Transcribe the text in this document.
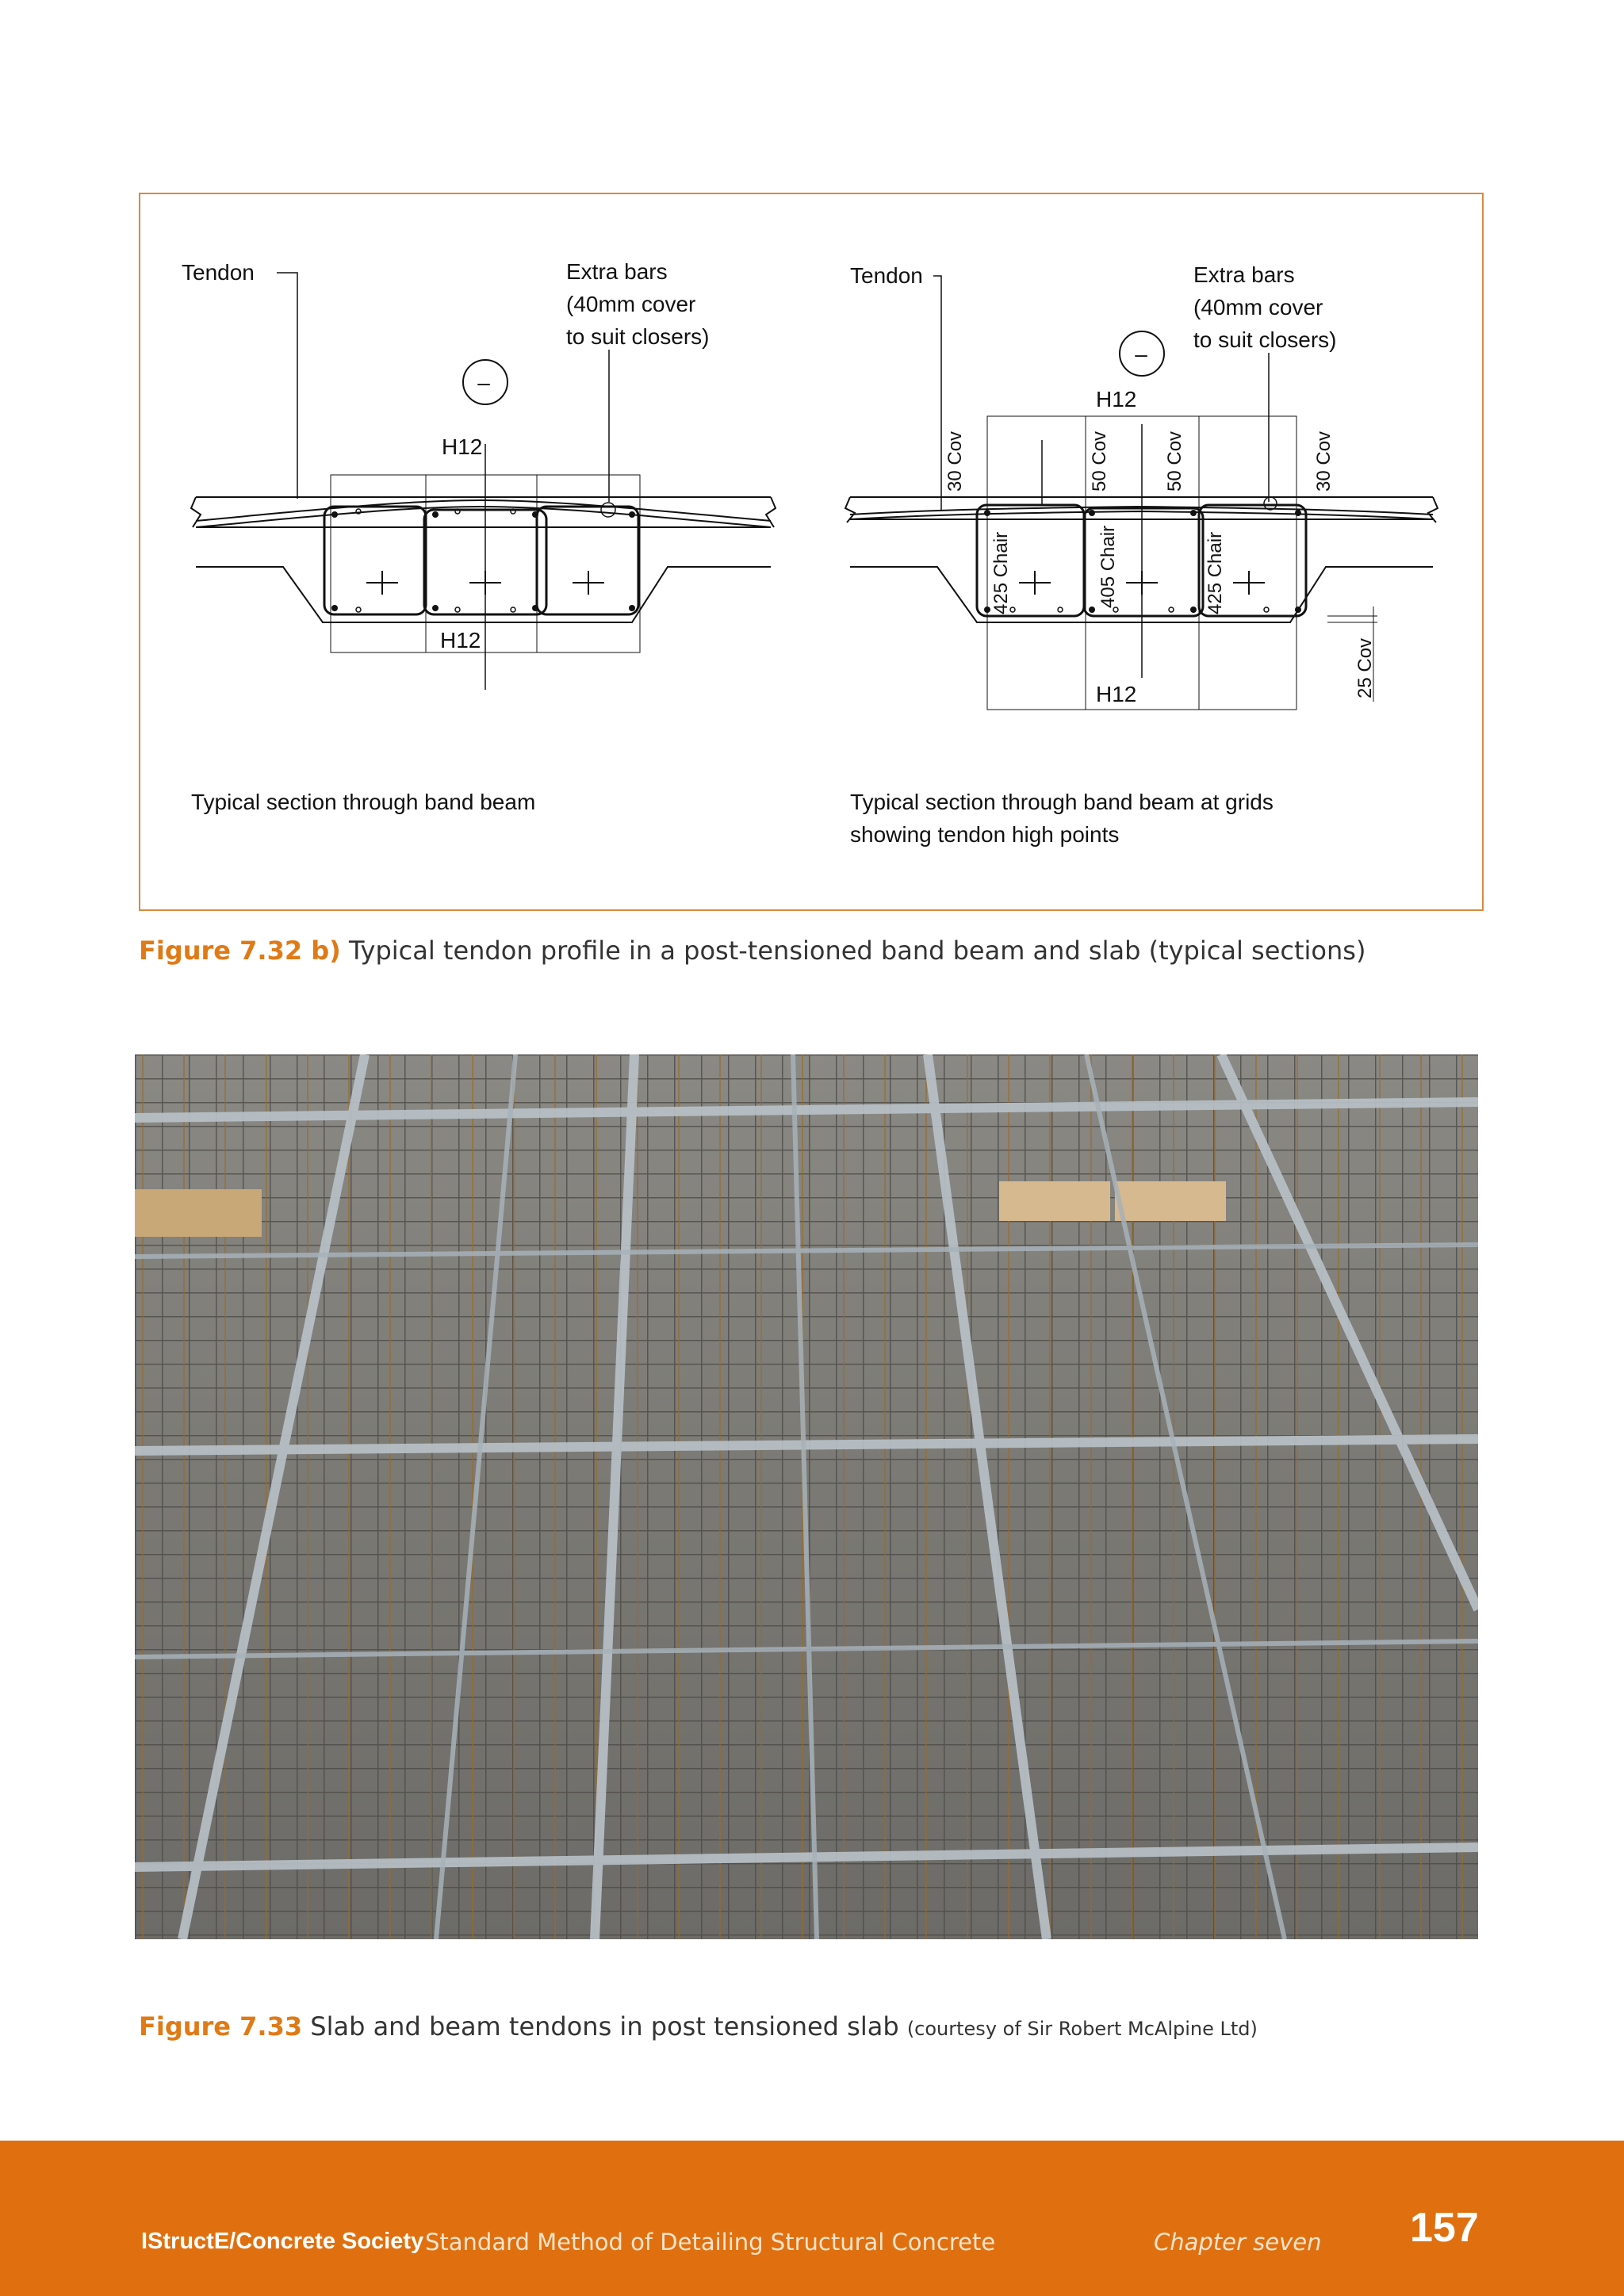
Tendon	Extra bars
(40mm cover
to suit closers)
–
H12
H12
Typical section through band beam
Tendon	Extra bars
(40mm cover
to suit closers)
–
H12
H12
30 Cov	50 Cov	50 Cov	30 Cov
425 Chair	405 Chair	425 Chair
25 Cov
Typical section through band beam at grids
showing tendon high points
Figure 7.32 b) Typical tendon profile in a post-tensioned band beam and slab (typical sections)
Figure 7.33 Slab and beam tendons in post tensioned slab (courtesy of Sir Robert McAlpine Ltd)
IStructE/Concrete Society Standard Method of Detailing Structural Concrete	Chapter seven 157
